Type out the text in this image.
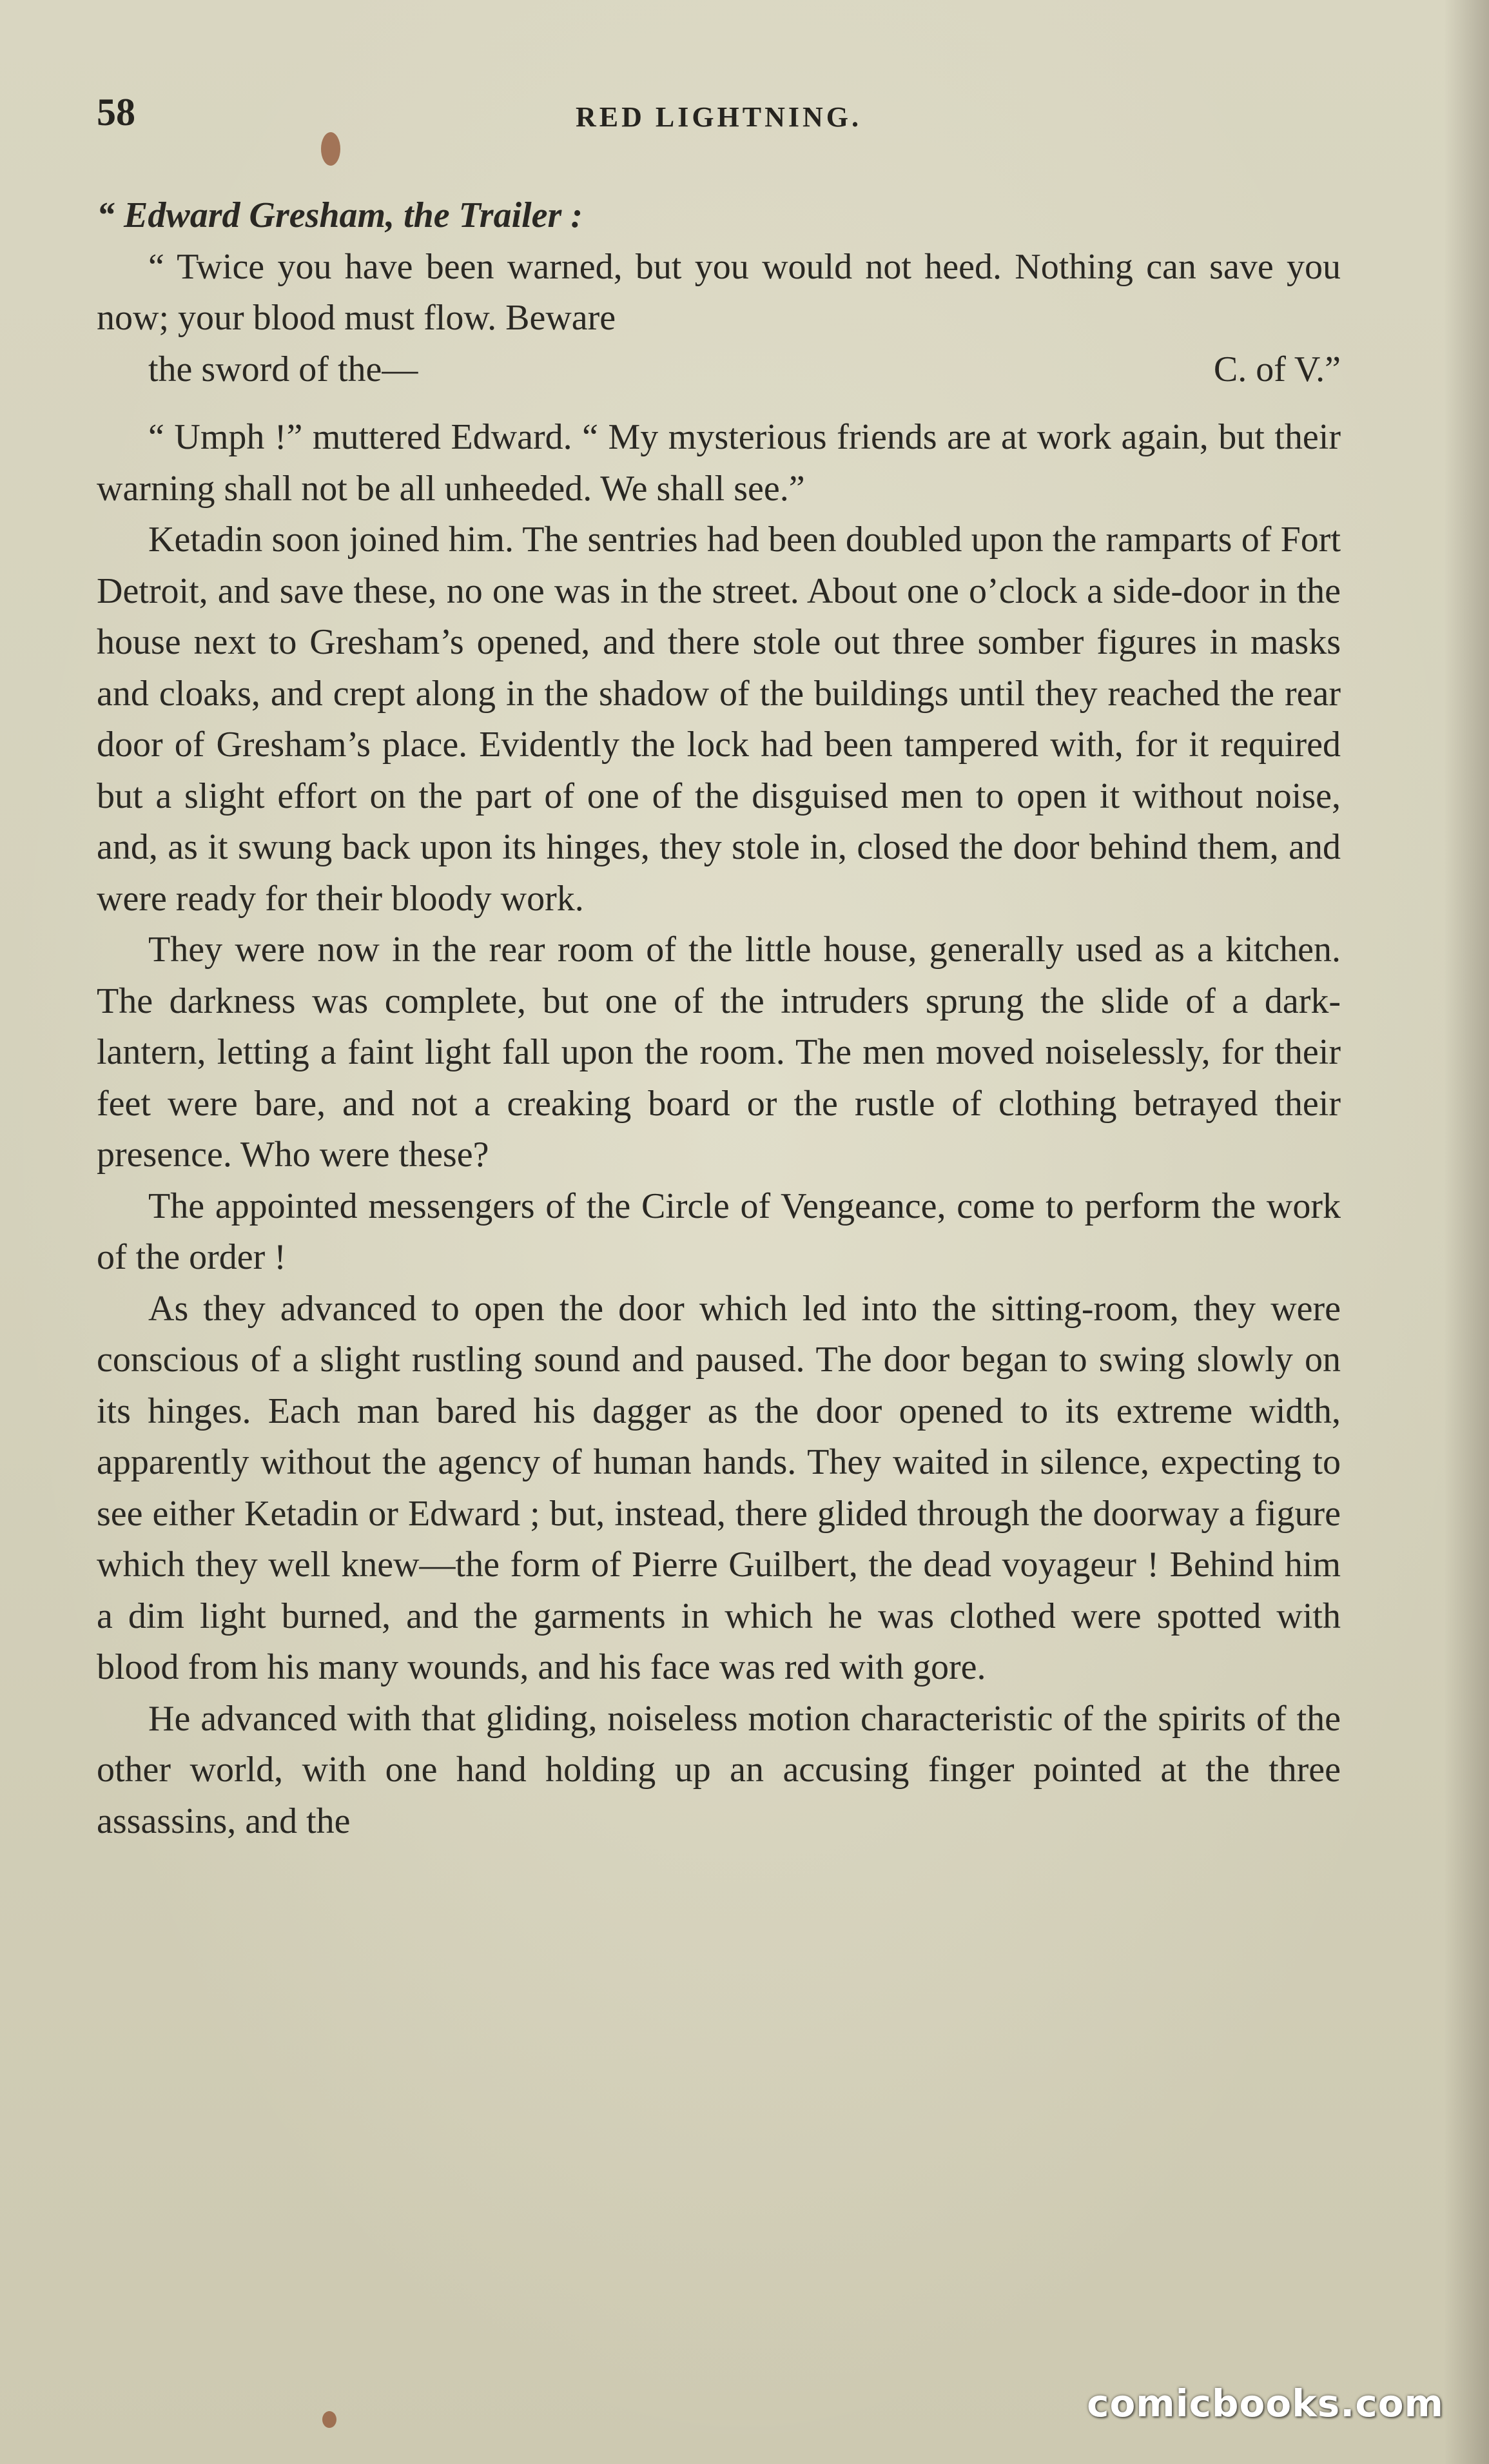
58	RED LIGHTNING.

“ Edward Gresham, the Trailer :

“ Twice you have been warned, but you would not heed. Nothing can save you now; your blood must flow. Beware

the sword of the—	C. of V.”

“ Umph !” muttered Edward. “ My mysterious friends are at work again, but their warning shall not be all unheeded. We shall see.”

Ketadin soon joined him. The sentries had been doubled upon the ramparts of Fort Detroit, and save these, no one was in the street. About one o’clock a side-door in the house next to Gresham’s opened, and there stole out three somber figures in masks and cloaks, and crept along in the shadow of the buildings until they reached the rear door of Gresham’s place. Evidently the lock had been tampered with, for it required but a slight effort on the part of one of the disguised men to open it without noise, and, as it swung back upon its hinges, they stole in, closed the door behind them, and were ready for their bloody work.

They were now in the rear room of the little house, generally used as a kitchen. The darkness was complete, but one of the intruders sprung the slide of a dark-lantern, letting a faint light fall upon the room. The men moved noiselessly, for their feet were bare, and not a creaking board or the rustle of clothing betrayed their presence. Who were these?

The appointed messengers of the Circle of Vengeance, come to perform the work of the order !

As they advanced to open the door which led into the sitting-room, they were conscious of a slight rustling sound and paused. The door began to swing slowly on its hinges. Each man bared his dagger as the door opened to its extreme width, apparently without the agency of human hands. They waited in silence, expecting to see either Ketadin or Edward ; but, instead, there glided through the doorway a figure which they well knew—the form of Pierre Guilbert, the dead voyageur ! Behind him a dim light burned, and the garments in which he was clothed were spotted with blood from his many wounds, and his face was red with gore.

He advanced with that gliding, noiseless motion characteristic of the spirits of the other world, with one hand holding up an accusing finger pointed at the three assassins, and the

comicbooks.com
